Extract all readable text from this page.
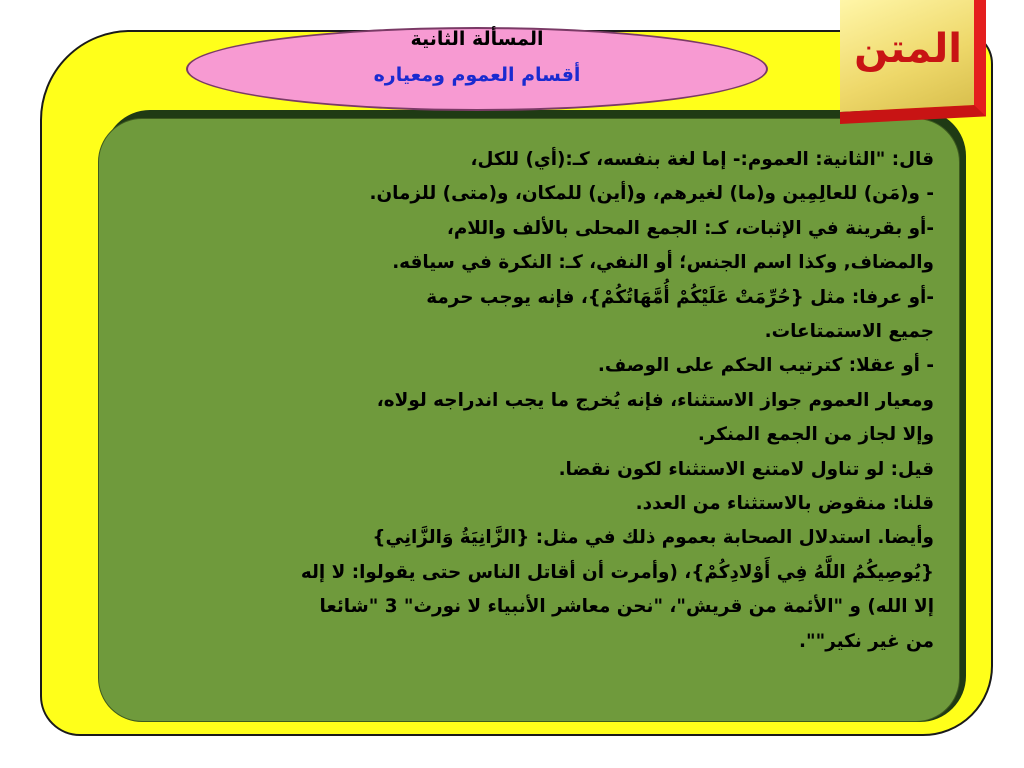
قال: "الثانية: العموم:- إما لغة بنفسه، كـ:(أي) للكل،
- و(مَن) للعالِمِين و(ما) لغيرهم، و(أين) للمكان، و(متى) للزمان.
-أو بقرينة في الإثبات، كـ: الجمع المحلى بالألف واللام،
والمضاف, وكذا اسم الجنس؛ أو النفي، كـ: النكرة في سياقه.
-أو عرفا: مثل {حُرِّمَتْ عَلَيْكُمْ أُمَّهَاتُكُمْ}، فإنه يوجب حرمة
جميع الاستمتاعات.
- أو عقلا: كترتيب الحكم على الوصف.
ومعيار العموم جواز الاستثناء، فإنه يُخرج ما يجب اندراجه لولاه،
وإلا لجاز من الجمع المنكر.
قيل: لو تناول لامتنع الاستثناء لكون نقضا.
قلنا: منقوض بالاستثناء من العدد.
وأيضا. استدلال الصحابة بعموم ذلك في مثل: {الزَّانِيَةُ وَالزَّانِي}
{يُوصِيكُمُ اللَّهُ فِي أَوْلادِكُمْ}، (وأمرت أن أقاتل الناس حتى يقولوا: لا إله
إلا الله) و "الأئمة من قريش"، "نحن معاشر الأنبياء لا نورث" 3 "شائعا
من غير نكير"".
المسألة الثانية
أقسام العموم ومعياره
المتن
